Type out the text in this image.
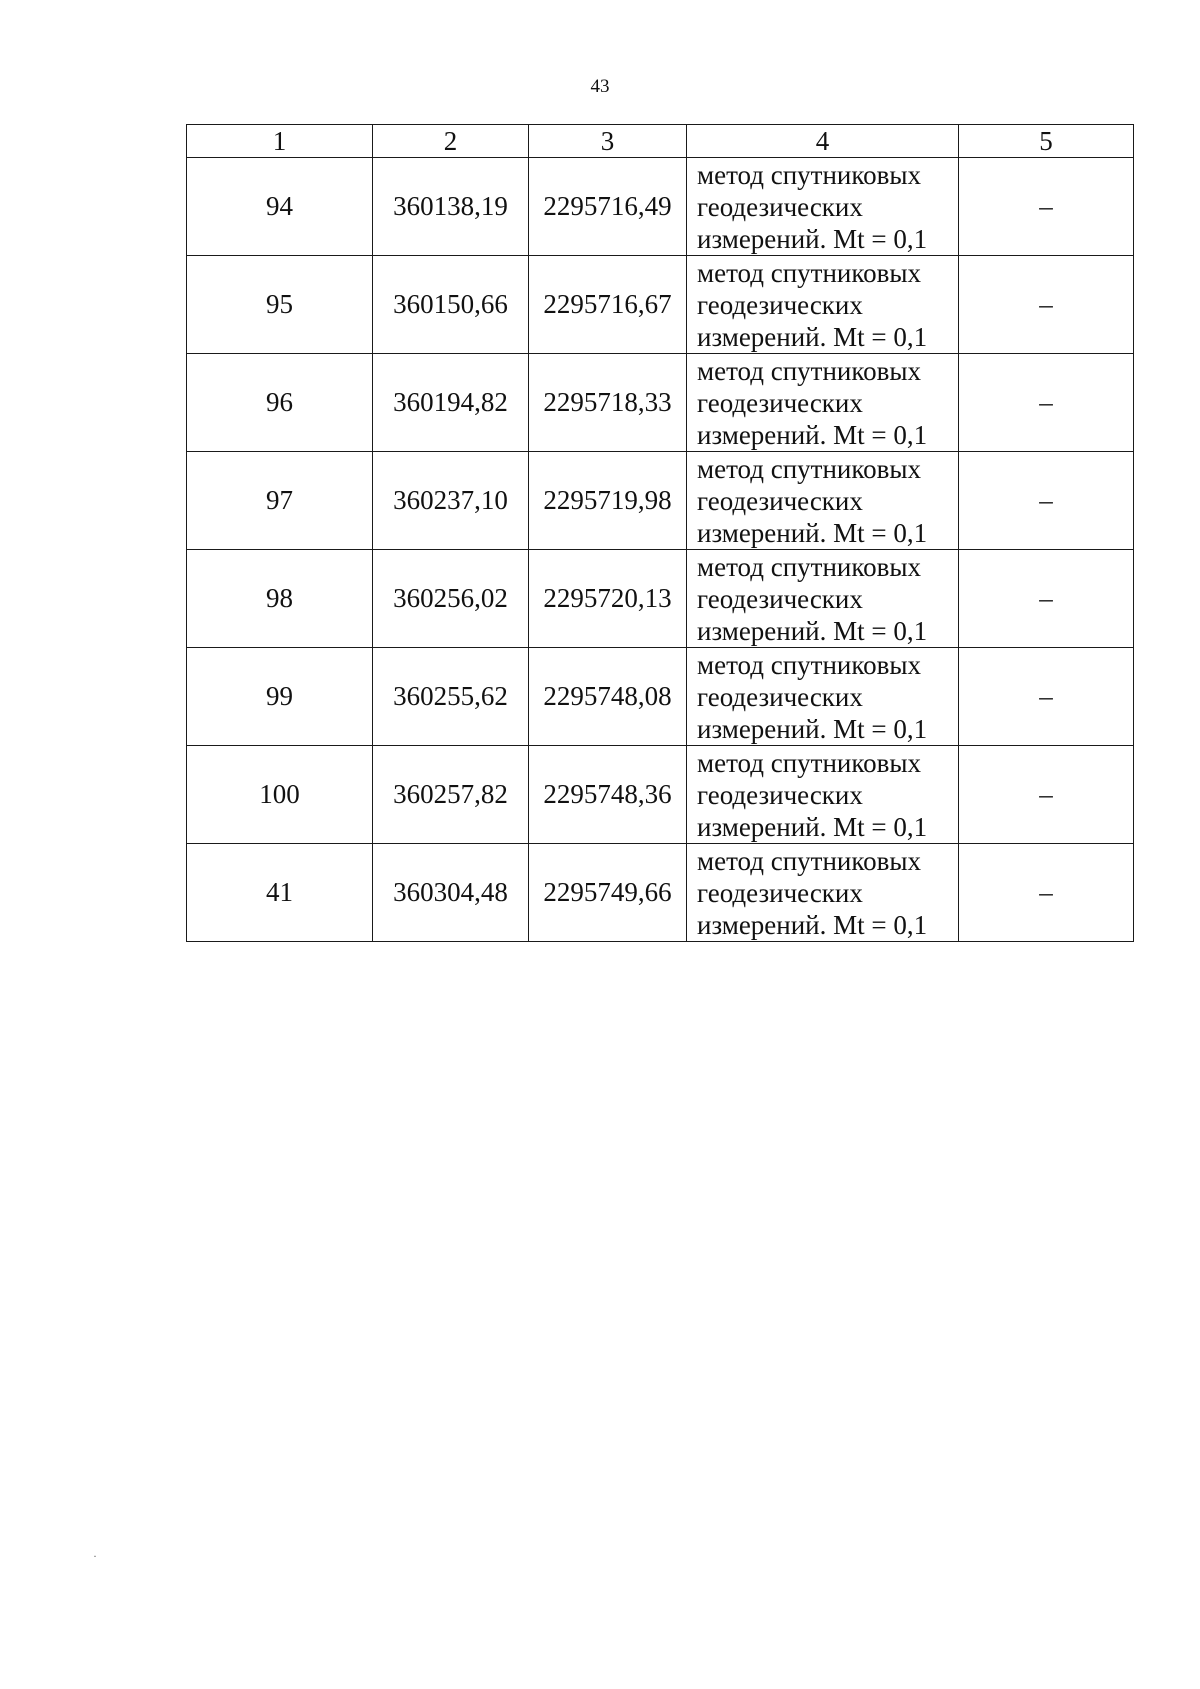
43
1	2	3	4	5
94	360138,19	2295716,49	метод спутниковых
геодезических
измерений. Mt = 0,1	–
95	360150,66	2295716,67	метод спутниковых
геодезических
измерений. Mt = 0,1	–
96	360194,82	2295718,33	метод спутниковых
геодезических
измерений. Mt = 0,1	–
97	360237,10	2295719,98	метод спутниковых
геодезических
измерений. Mt = 0,1	–
98	360256,02	2295720,13	метод спутниковых
геодезических
измерений. Mt = 0,1	–
99	360255,62	2295748,08	метод спутниковых
геодезических
измерений. Mt = 0,1	–
100	360257,82	2295748,36	метод спутниковых
геодезических
измерений. Mt = 0,1	–
41	360304,48	2295749,66	метод спутниковых
геодезических
измерений. Mt = 0,1	–
·
